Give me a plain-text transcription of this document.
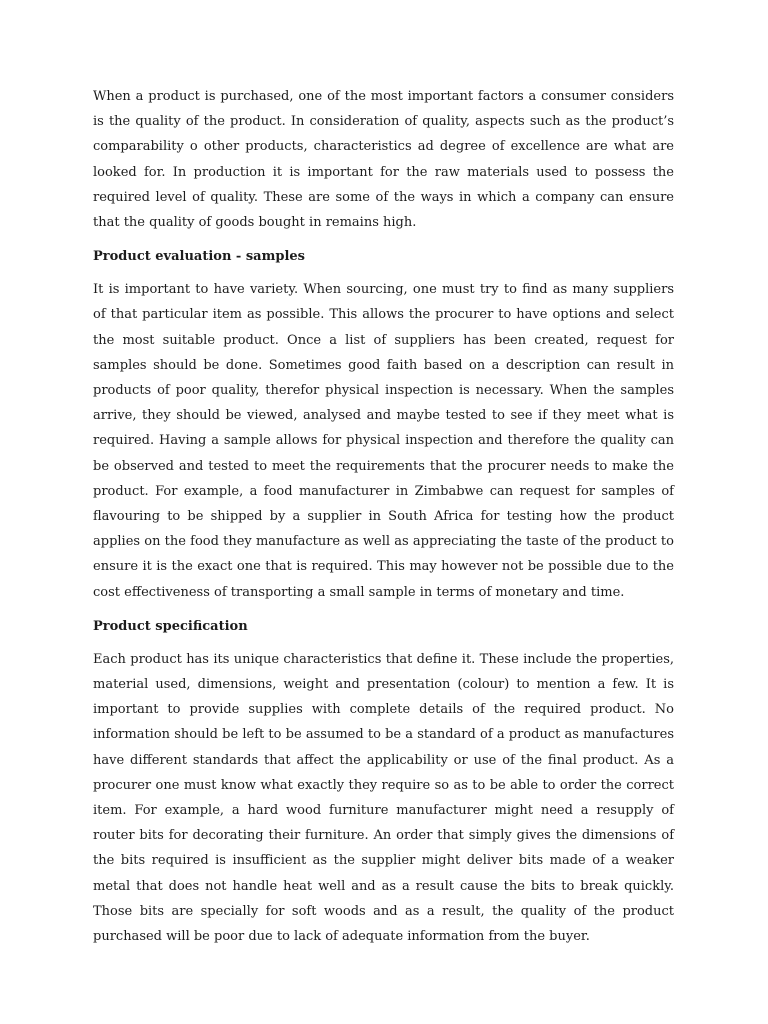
When a product is purchased, one of the most important factors a consumer considers is the quality of the product. In consideration of quality, aspects such as the product’s comparability o other products, characteristics ad degree of excellence are what are looked for. In production it is important for the raw materials used to possess the required level of quality. These are some of the ways in which a company can ensure that the quality of goods bought in remains high.

Product evaluation - samples

It is important to have variety. When sourcing, one must try to find as many suppliers of that particular item as possible. This allows the procurer to have options and select the most suitable product. Once a list of suppliers has been created, request for samples should be done. Sometimes good faith based on a description can result in products of poor quality, therefor physical inspection is necessary. When the samples arrive, they should be viewed, analysed and maybe tested to see if they meet what is required. Having a sample allows for physical inspection and therefore the quality can be observed and tested to meet the requirements that the procurer needs to make the product. For example, a food manufacturer in Zimbabwe can request for samples of flavouring to be shipped by a supplier in South Africa for testing how the product applies on the food they manufacture as well as appreciating the taste of the product to ensure it is the exact one that is required. This may however not be possible due to the cost effectiveness of transporting a small sample in terms of monetary and time.

Product specification

Each product has its unique characteristics that define it. These include the properties, material used, dimensions, weight and presentation (colour) to mention a few. It is important to provide supplies with complete details of the required product. No information should be left to be assumed to be a standard of a product as manufactures have different standards that affect the applicability or use of the final product. As a procurer one must know what exactly they require so as to be able to order the correct item. For example, a hard wood furniture manufacturer might need a resupply of router bits for decorating their furniture. An order that simply gives the dimensions of the bits required is insufficient as the supplier might deliver bits made of a weaker metal that does not handle heat well and as a result cause the bits to break quickly. Those bits are specially for soft woods and as a result, the quality of the product purchased will be poor due to lack of adequate information from the buyer.
